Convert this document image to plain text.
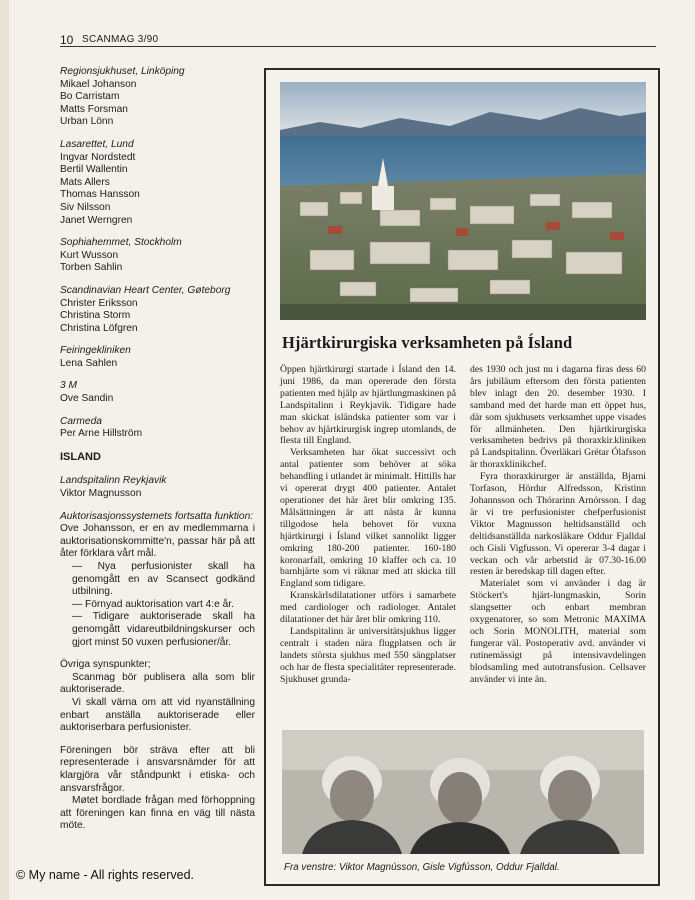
10 SCANMAG 3/90
Regionsjukhuset, Linköping
Mikael Johanson
Bo Carristam
Matts Forsman
Urban Lönn
Lasarettet, Lund
Ingvar Nordstedt
Bertil Wallentin
Mats Allers
Thomas Hansson
Siv Nilsson
Janet Werngren
Sophiahemmet, Stockholm
Kurt Wusson
Torben Sahlin
Scandinavian Heart Center, Gøteborg
Christer Eriksson
Christina Storm
Christina Löfgren
Feiringekliniken
Lena Sahlen
3 M
Ove Sandin
Carmeda
Per Arne Hillström
ISLAND
Landspitalinn Reykjavik
Viktor Magnusson

Auktorisasjonssystemets fortsatta funktion:

Ove Johansson, er en av medlemmarna i auktorisationskommitte'n, passar här på att åter förklara vårt mål.

— Nya perfusionister skall ha genomgått en av Scansect godkänd utbilning.

— Förnyad auktorisation vart 4:e år.

— Tidigare auktoriserade skall ha genomgått vidareutbildningskurser och gjort minst 50 vuxen perfusioner/år.

Övriga synspunkter;

Scanmag bör publisera alla som blir auktoriserade.

Vi skall värna om att vid nyanställning enbart anställa auktoriserade eller auktoriserbara perfusionister.

Föreningen bör sträva efter att bli representerade i ansvarsnämder för att klargjöra vår ståndpunkt i etiska- och ansvarsfrågor.

Møtet bordlade frågan med förhoppning att föreningen kan finna en väg till nästa möte.

Hjärtkirurgiska verksamheten på Ísland

Öppen hjärtkirurgi startade i Ísland den 14. juni 1986, da man opererade den första patienten med hjälp av hjärtlungmaskinen på Landspitalinn i Reykjavik. Tidigare hade man skickat isländska patienter som var i behov av hjärtkirurgisk ingrep utomlands, de flesta till England.

Verksamheten har ökat successivt och antal patienter som behöver at söka behandling i utlandet är minimalt. Hittills har vi opererat drygt 400 patienter. Antalet operationer det här året blir omkring 135. Målsättningen är att nästa år kunna tillgodose hela behovet för vuxna hjärtkirurgi i Ísland vilket sannolikt ligger omkring 180-200 patienter. 160-180 koronarfall, omkring 10 klaffer och ca. 10 barnhjärte som vi räknar med att skicka till England som tidigare.

Kranskärlsdilatationer utförs i samarbete med cardiologer och radiologer. Antalet dilatationer det här året blir omkring 110.

Landspitalinn är universitätsjukhus ligger centralt i staden nära flugplatsen och är landets största sjukhus med 550 sängplatser och har de flesta specialitäter representerade. Sjukhuset grunda-

des 1930 och just nu i dagarna firas dess 60 års jubiläum eftersom den första patienten blev inlagt den 20. desember 1930. I samband med det harde man ett öppet hus, där som sjukhusets verksamhet uppe visades för allmänheten. Den hjärtkirurgiska verksamheten bedrivs på thoraxkir.kliniken på Landspitalinn. Överläkari Grétar Ólafsson är thoraxklinikchef.

Fyra thoraxkirurger är anställda, Bjarni Torfason, Hördur Alfredsson, Kristinn Johannsson och Thórarinn Arnórsson. I dag är vi tre perfusionister chefperfusionist Viktor Magnusson heltidsanställd och deltidsanställda narkosläkare Oddur Fjalldal och Gisli Vigfusson. Vi opererar 3-4 dagar i veckan och vår arbetstid är 07.30-16.00 resten är beredskap till dagen efter.

Materialet som vi använder i dag är Stöckert's hjärt-lungmaskin, Sorin slangsetter och enbart membran oxygenatorer, so som Metronic MAXIMA och Sorin MONOLITH, material som fungerar väl. Postoperativ avd. använder vi rutinemässigt på intensivavdelingen blodsamling med autotransfusion. Cellsaver använder vi inte än.

Fra venstre: Viktor Magnússon, Gisle Vigfússon, Oddur Fjalldal.
© My name - All rights reserved.
